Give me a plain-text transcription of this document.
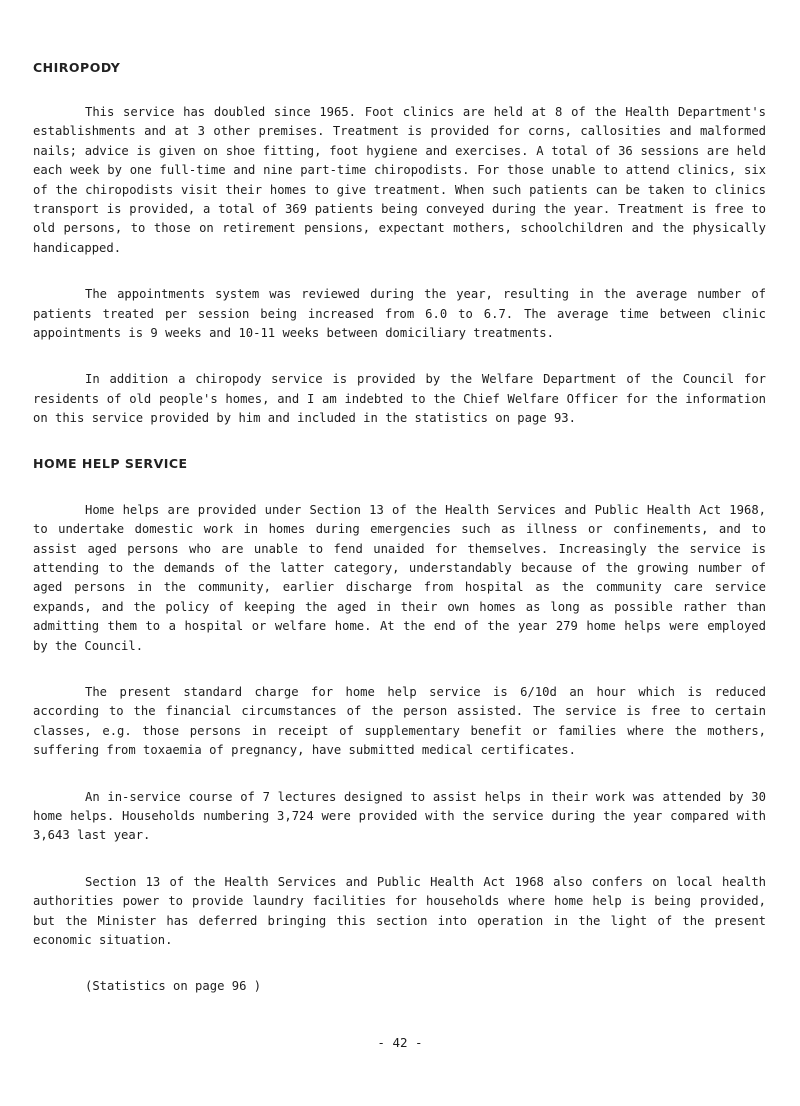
CHIROPODY

This service has doubled since 1965. Foot clinics are held at 8 of the Health Department's establishments and at 3 other premises. Treatment is provided for corns, callosities and malformed nails; advice is given on shoe fitting, foot hygiene and exercises. A total of 36 sessions are held each week by one full-time and nine part-time chiropodists. For those unable to attend clinics, six of the chiropodists visit their homes to give treatment. When such patients can be taken to clinics transport is provided, a total of 369 patients being conveyed during the year. Treatment is free to old persons, to those on retirement pensions, expectant mothers, schoolchildren and the physically handicapped.

The appointments system was reviewed during the year, resulting in the average number of patients treated per session being increased from 6.0 to 6.7. The average time between clinic appointments is 9 weeks and 10-11 weeks between domiciliary treatments.

In addition a chiropody service is provided by the Welfare Department of the Council for residents of old people's homes, and I am indebted to the Chief Welfare Officer for the information on this service provided by him and included in the statistics on page 93.

HOME HELP SERVICE

Home helps are provided under Section 13 of the Health Services and Public Health Act 1968, to undertake domestic work in homes during emergencies such as illness or confinements, and to assist aged persons who are unable to fend unaided for themselves. Increasingly the service is attending to the demands of the latter category, understandably because of the growing number of aged persons in the community, earlier discharge from hospital as the community care service expands, and the policy of keeping the aged in their own homes as long as possible rather than admitting them to a hospital or welfare home. At the end of the year 279 home helps were employed by the Council.

The present standard charge for home help service is 6/10d an hour which is reduced according to the financial circumstances of the person assisted. The service is free to certain classes, e.g. those persons in receipt of supplementary benefit or families where the mothers, suffering from toxaemia of pregnancy, have submitted medical certificates.

An in-service course of 7 lectures designed to assist helps in their work was attended by 30 home helps. Households numbering 3,724 were provided with the service during the year compared with 3,643 last year.

Section 13 of the Health Services and Public Health Act 1968 also confers on local health authorities power to provide laundry facilities for households where home help is being provided, but the Minister has deferred bringing this section into operation in the light of the present economic situation.

(Statistics on page 96 )

- 42 -
